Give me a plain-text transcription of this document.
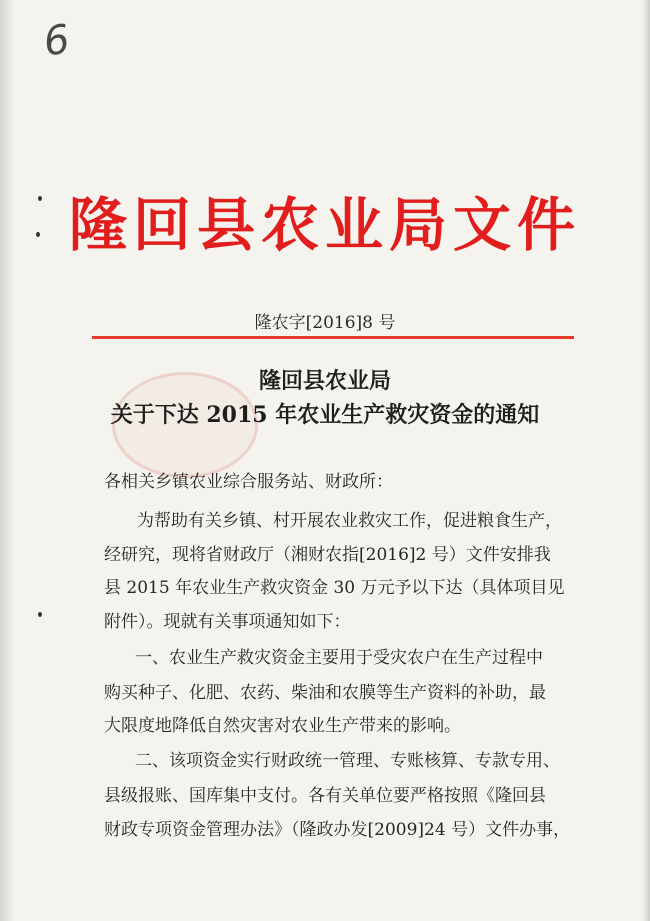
6
隆回县农业局文件
隆农字[2016]8 号
隆回县农业局
关于下达 2015 年农业生产救灾资金的通知
各相关乡镇农业综合服务站、财政所：
为帮助有关乡镇、村开展农业救灾工作，促进粮食生产，
经研究，现将省财政厅（湘财农指[2016]2 号）文件安排我
县 2015 年农业生产救灾资金 30 万元予以下达（具体项目见
附件）。现就有关事项通知如下：
一、农业生产救灾资金主要用于受灾农户在生产过程中
购买种子、化肥、农药、柴油和农膜等生产资料的补助，最
大限度地降低自然灾害对农业生产带来的影响。
二、该项资金实行财政统一管理、专账核算、专款专用、
县级报账、国库集中支付。各有关单位要严格按照《隆回县
财政专项资金管理办法》（隆政办发[2009]24 号）文件办事，
